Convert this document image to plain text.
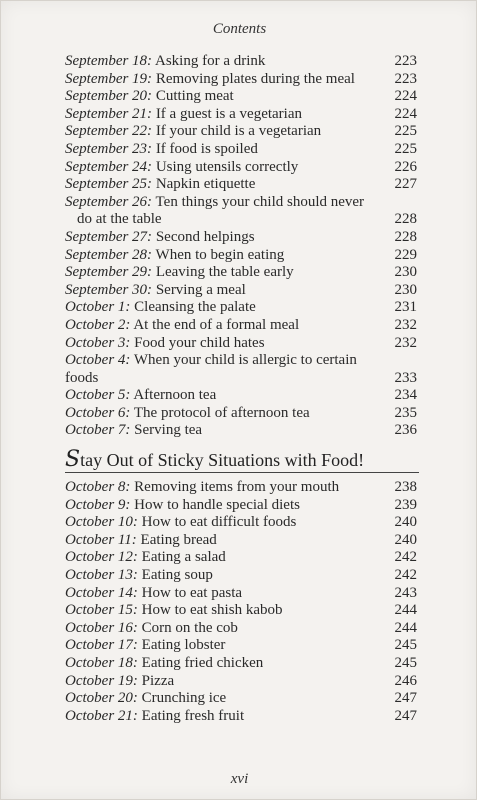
Contents
September 18: Asking for a drink	223
September 19: Removing plates during the meal	223
September 20: Cutting meat	224
September 21: If a guest is a vegetarian	224
September 22: If your child is a vegetarian	225
September 23: If food is spoiled	225
September 24: Using utensils correctly	226
September 25: Napkin etiquette	227
September 26: Ten things your child should never
do at the table	228
September 27: Second helpings	228
September 28: When to begin eating	229
September 29: Leaving the table early	230
September 30: Serving a meal	230
October 1: Cleansing the palate	231
October 2: At the end of a formal meal	232
October 3: Food your child hates	232
October 4: When your child is allergic to certain foods	233
October 5: Afternoon tea	234
October 6: The protocol of afternoon tea	235
October 7: Serving tea	236
Stay Out of Sticky Situations with Food!
October 8: Removing items from your mouth	238
October 9: How to handle special diets	239
October 10: How to eat difficult foods	240
October 11: Eating bread	240
October 12: Eating a salad	242
October 13: Eating soup	242
October 14: How to eat pasta	243
October 15: How to eat shish kabob	244
October 16: Corn on the cob	244
October 17: Eating lobster	245
October 18: Eating fried chicken	245
October 19: Pizza	246
October 20: Crunching ice	247
October 21: Eating fresh fruit	247
xvi
